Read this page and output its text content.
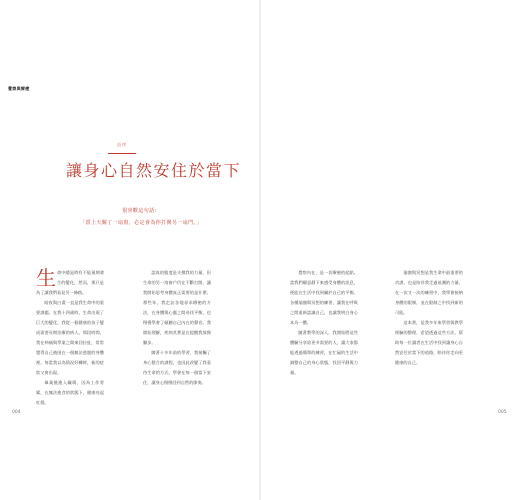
覺察與療癒
自序
讓身心自然安住於當下
很喜歡這句話：
「當上天關了一扇窗，必定會為你打開另一扇門。」

生命中總是時有不能預期發生的變化，然而，那只是為了讓我們看見另一條路。

暗夜與白晝一直是我生命中的重要課題。在我十四歲時，生命出現了巨大的變化，我從一個健康的孩子變成需要長期治療的病人。那段時間，我在病痛與學業之間來回拉扯，常常覺得自己被困在一個無法逃脫的身體裡。每當我以為情況好轉時，新的症狀又會出現。

畢業後進入職場，因為工作勞累，在無法進食的狀態下，健康亮起紅燈。

認真的態度是支撐我的力量，但生命的另一扇窗戶仍在不斷打開，讓我開始思考身體真正需要的是什麼。那些年，我走訪各地尋求療癒的方法，在身體與心靈之間尋找平衡，也慢慢學會了傾聽自己內在的聲音。我開始理解，疾病其實是在提醒我放慢腳步。

隨著十多年前的學習，我接觸了身心整合的課程，也因此改變了我看待生命的方式，學會在每一個當下安住，讓身心慢慢回到自然的節奏。

覺察內在，是一切療癒的起點。當我們願意靜下來感受身體的訊息，便能在生活中找到屬於自己的平衡。各種瑜伽與冥想的練習，讓我在呼吸之間重新認識自己，也讓我明白身心本為一體。

隨著教學的深入，我開始將這些體驗分享給更多需要的人，讓大家都能透過簡單的練習，在忙碌的生活中調整自己的身心狀態，找回平靜與力量。

瑜伽與冥想是我生命中最重要的功課，也是陪伴我走過低潮的力量。在一次又一次的練習中，我學會接納身體的限制，並在限制之中找到新的可能。

這本書，是我多年來學習與教學經驗的整理，希望透過這些方法，幫助每一位讀者在生活中找到讓身心自然安住於當下的道路，陪伴你走向更健康的自己。

004	005
